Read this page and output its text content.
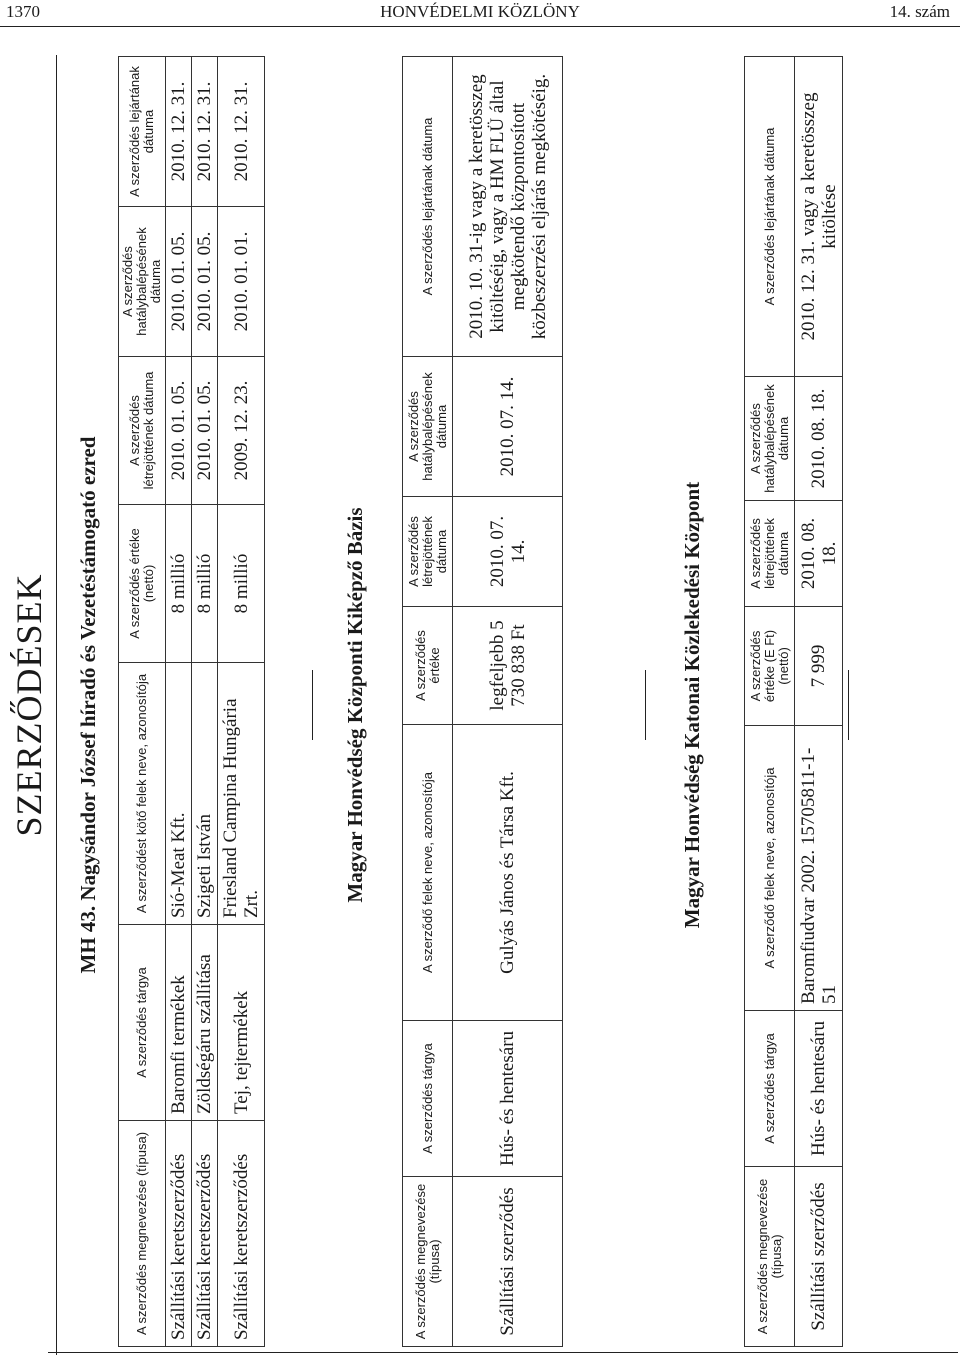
1370	HONVÉDELMI KÖZLÖNY	14. szám
SZERZŐDÉSEK MH 43. Nagysándor József híradó és Vezetéstámogató ezred
A szerződés megnevezése (típusa)	A szerződés tárgya	A szerződést kötő felek neve, azonosítója	A szerződés értéke (nettó)	A szerződés létrejöttének dátuma	A szerződés hatálybalépésének dátuma	A szerződés lejártának dátuma
Szállítási keretszerződés	Baromfi termékek	Sió-Meat Kft.	8 millió	2010. 01. 05.	2010. 01. 05.	2010. 12. 31.
Szállítási keretszerződés	Zöldségáru szállítása	Szigeti István	8 millió	2010. 01. 05.	2010. 01. 05.	2010. 12. 31.
Szállítási keretszerződés	Tej, tejtermékek	Friesland Campina Hungária Zrt.	8 millió	2009. 12. 23.	2010. 01. 01.	2010. 12. 31.
Magyar Honvédség Központi Kiképző Bázis
A szerződés megnevezése (típusa)	A szerződés tárgya	A szerződő felek neve, azonosítója	A szerződés értéke	A szerződés létrejöttének dátuma	A szerződés hatálybalépésének dátuma	A szerződés lejártának dátuma
Szállítási szerződés	Hús- és hentesáru	Gulyás János és Társa Kft.	legfeljebb 5 730 838 Ft	2010. 07. 14.	2010. 07. 14.	2010. 10. 31-ig vagy a keretösszeg kitöltéséig, vagy a HM FLÜ által megkötendő központosított közbeszerzési eljárás megkötéséig.
Magyar Honvédség Katonai Közlekedési Központ
A szerződés megnevezése (típusa)	A szerződés tárgya	A szerződő felek neve, azonosítója	A szerződés értéke (E Ft) (nettó)	A szerződés létrejöttének dátuma	A szerződés hatálybalépésének dátuma	A szerződés lejártának dátuma
Szállítási szerződés	Hús- és hentesáru	Baromfiudvar 2002. 15705811-1-51	7 999	2010. 08. 18.	2010. 08. 18.	2010. 12. 31. vagy a keretösszeg kitöltése
